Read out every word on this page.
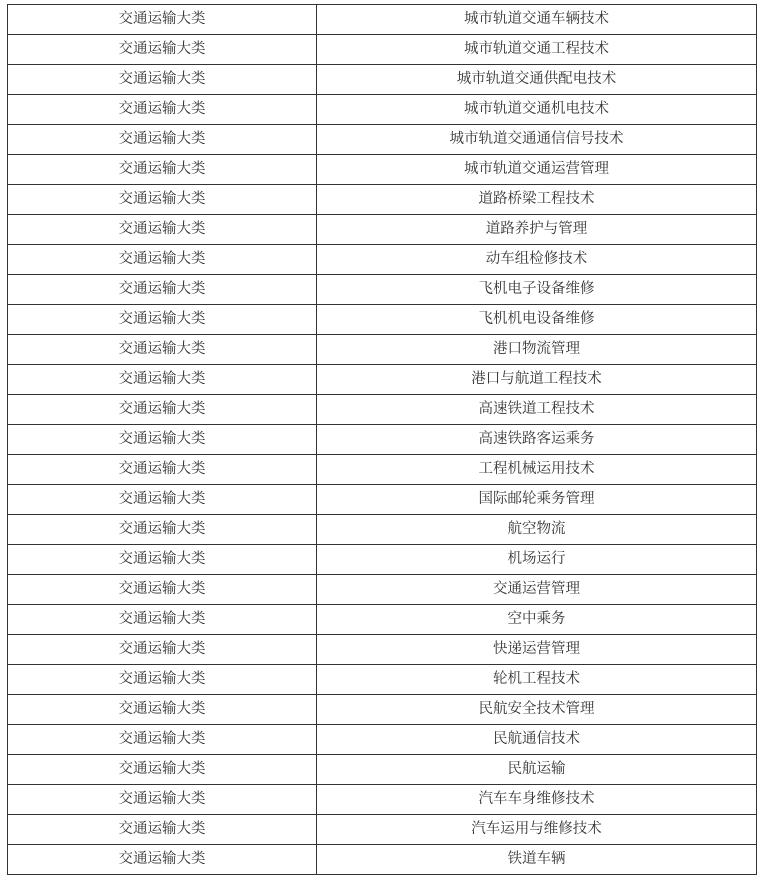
交通运输大类	城市轨道交通车辆技术
交通运输大类	城市轨道交通工程技术
交通运输大类	城市轨道交通供配电技术
交通运输大类	城市轨道交通机电技术
交通运输大类	城市轨道交通通信信号技术
交通运输大类	城市轨道交通运营管理
交通运输大类	道路桥梁工程技术
交通运输大类	道路养护与管理
交通运输大类	动车组检修技术
交通运输大类	飞机电子设备维修
交通运输大类	飞机机电设备维修
交通运输大类	港口物流管理
交通运输大类	港口与航道工程技术
交通运输大类	高速铁道工程技术
交通运输大类	高速铁路客运乘务
交通运输大类	工程机械运用技术
交通运输大类	国际邮轮乘务管理
交通运输大类	航空物流
交通运输大类	机场运行
交通运输大类	交通运营管理
交通运输大类	空中乘务
交通运输大类	快递运营管理
交通运输大类	轮机工程技术
交通运输大类	民航安全技术管理
交通运输大类	民航通信技术
交通运输大类	民航运输
交通运输大类	汽车车身维修技术
交通运输大类	汽车运用与维修技术
交通运输大类	铁道车辆
